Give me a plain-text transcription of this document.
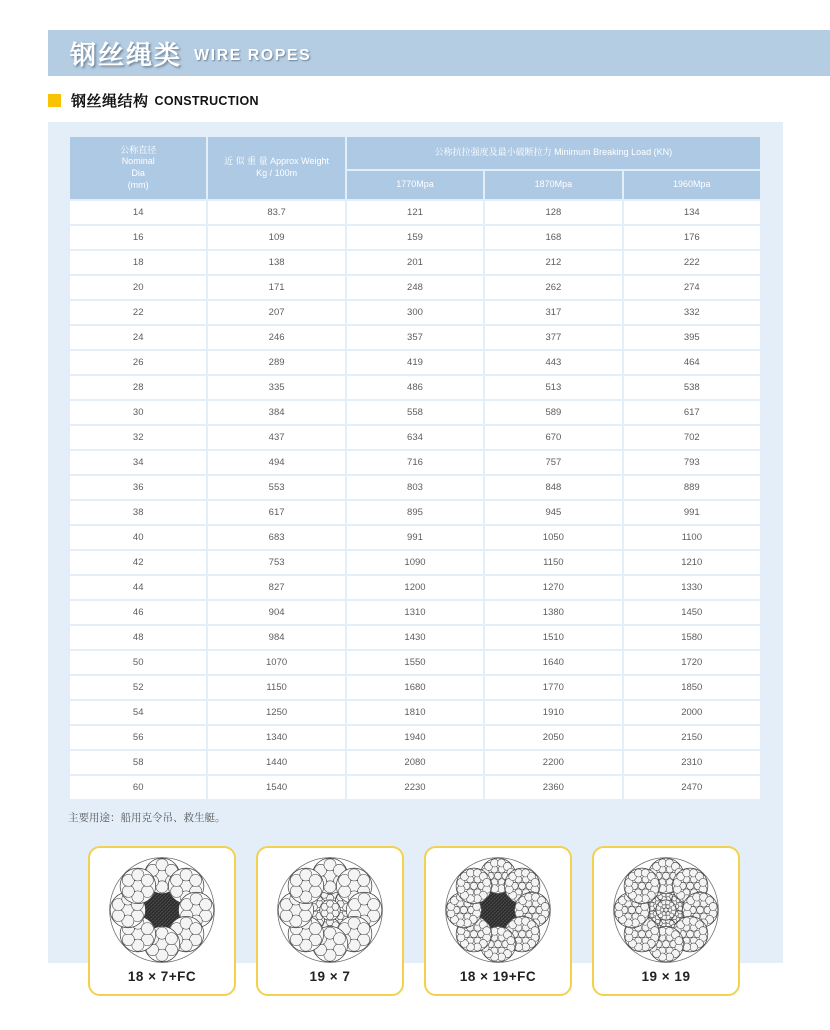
钢丝绳类 WIRE ROPES
钢丝绳结构 CONSTRUCTION
公称直径
Nominal
Dia
(mm)	近 似 重 量 Approx Weight
Kg / 100m	公称抗拉强度及最小破断拉力 Minimum Breaking Load (KN)		
		1770Mpa	1870Mpa	1960Mpa
14	83.7	121	128	134
16	109	159	168	176
18	138	201	212	222
20	171	248	262	274
22	207	300	317	332
24	246	357	377	395
26	289	419	443	464
28	335	486	513	538
30	384	558	589	617
32	437	634	670	702
34	494	716	757	793
36	553	803	848	889
38	617	895	945	991
40	683	991	1050	1100
42	753	1090	1150	1210
44	827	1200	1270	1330
46	904	1310	1380	1450
48	984	1430	1510	1580
50	1070	1550	1640	1720
52	1150	1680	1770	1850
54	1250	1810	1910	2000
56	1340	1940	2050	2150
58	1440	2080	2200	2310
60	1540	2230	2360	2470
主要用途：船用克令吊、救生艇。
18 × 7+FC	19 × 7	18 × 19+FC	19 × 19
